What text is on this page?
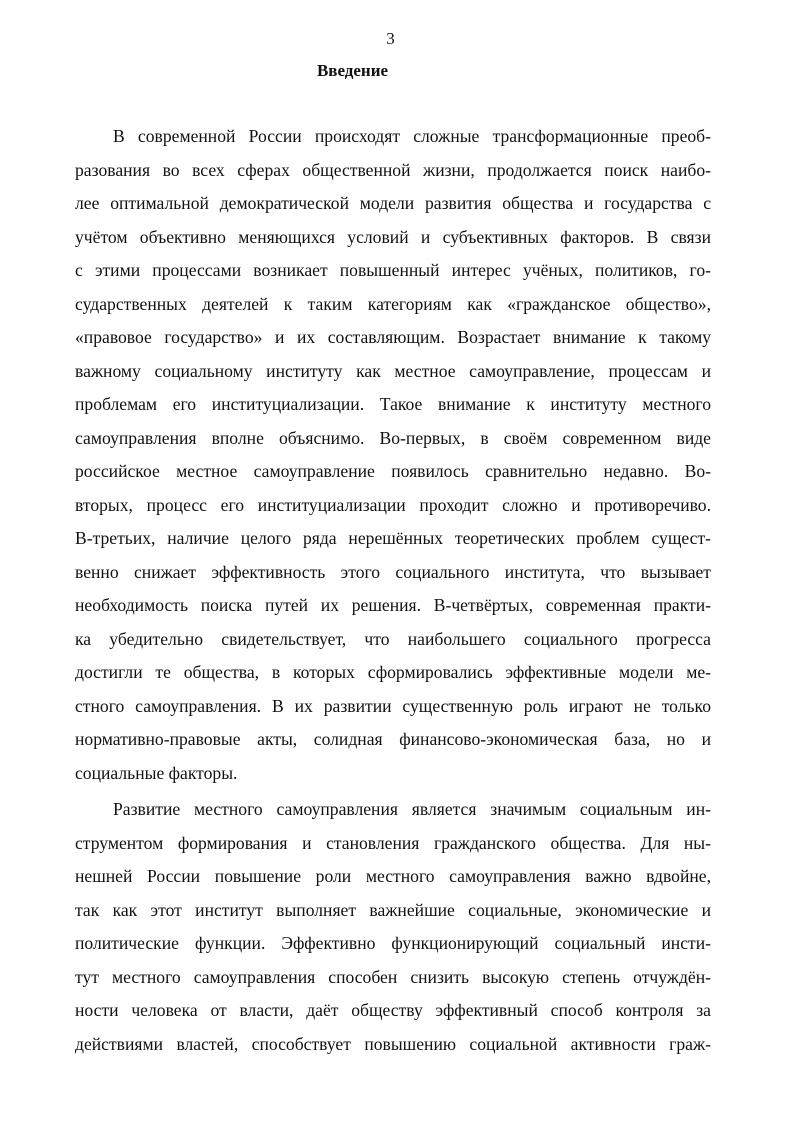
3
Введение
В современной России происходят сложные трансформационные преоб-
разования во всех сферах общественной жизни, продолжается поиск наибо-
лее оптимальной демократической модели развития общества и государства с
учётом объективно меняющихся условий и субъективных факторов. В связи
с этими процессами возникает повышенный интерес учёных, политиков, го-
сударственных деятелей к таким категориям как «гражданское общество»,
«правовое государство» и их составляющим. Возрастает внимание к такому
важному социальному институту как местное самоуправление, процессам и
проблемам его институциализации. Такое внимание к институту местного
самоуправления вполне объяснимо. Во-первых, в своём современном виде
российское местное самоуправление появилось сравнительно недавно. Во-
вторых, процесс его институциализации проходит сложно и противоречиво.
В-третьих, наличие целого ряда нерешённых теоретических проблем сущест-
венно снижает эффективность этого социального института, что вызывает
необходимость поиска путей их решения. В-четвёртых, современная практи-
ка убедительно свидетельствует, что наибольшего социального прогресса
достигли те общества, в которых сформировались эффективные модели ме-
стного самоуправления. В их развитии существенную роль играют не только
нормативно-правовые акты, солидная финансово-экономическая база, но и
социальные факторы.
Развитие местного самоуправления является значимым социальным ин-
струментом формирования и становления гражданского общества. Для ны-
нешней России повышение роли местного самоуправления важно вдвойне,
так как этот институт выполняет важнейшие социальные, экономические и
политические функции. Эффективно функционирующий социальный инсти-
тут местного самоуправления способен снизить высокую степень отчуждён-
ности человека от власти, даёт обществу эффективный способ контроля за
действиями властей, способствует повышению социальной активности граж-
